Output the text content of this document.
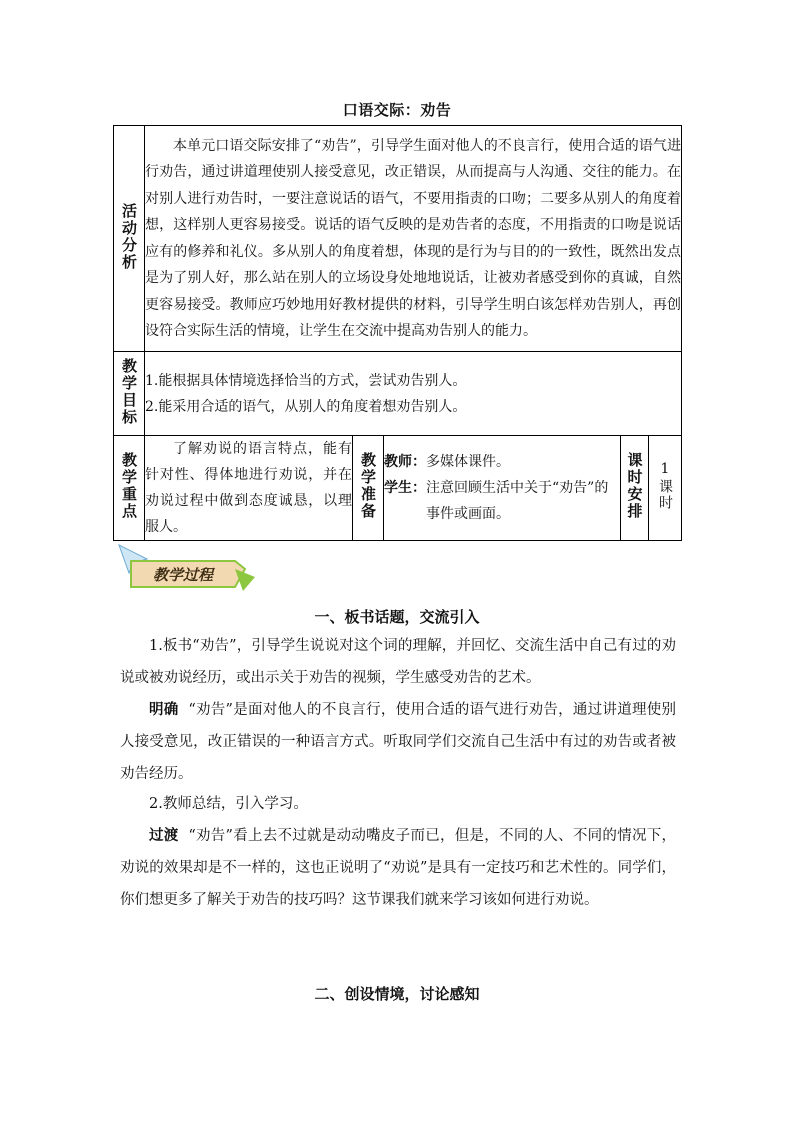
口语交际：劝告
活动分析	本单元口语交际安排了“劝告”，引导学生面对他人的不良言行，使用合适的语气进行劝告，通过讲道理使别人接受意见，改正错误，从而提高与人沟通、交往的能力。在对别人进行劝告时，一要注意说话的语气，不要用指责的口吻；二要多从别人的角度着想，这样别人更容易接受。说话的语气反映的是劝告者的态度，不用指责的口吻是说话应有的修养和礼仪。多从别人的角度着想，体现的是行为与目的的一致性，既然出发点是为了别人好，那么站在别人的立场设身处地地说话，让被劝者感受到你的真诚，自然更容易接受。教师应巧妙地用好教材提供的材料，引导学生明白该怎样劝告别人，再创设符合实际生活的情境，让学生在交流中提高劝告别人的能力。				
教学目标	1.能根据具体情境选择恰当的方式，尝试劝告别人。
2.能采用合适的语气，从别人的角度着想劝告别人。				

教学重点	了解劝说的语言特点，能有针对性、得体地进行劝说，并在劝说过程中做到态度诚恳，以理服人。	教学准备	教师： 多媒体课件。
学生： 注意回顾生活中关于“劝告”的事件或画面。	课时安排	1课时
教学过程
一、板书话题，交流引入
1.板书“劝告”，引导学生说说对这个词的理解，并回忆、交流生活中自己有过的劝说或被劝说经历，或出示关于劝告的视频，学生感受劝告的艺术。
明确 “劝告”是面对他人的不良言行，使用合适的语气进行劝告，通过讲道理使别人接受意见，改正错误的一种语言方式。听取同学们交流自己生活中有过的劝告或者被劝告经历。
2.教师总结，引入学习。
过渡 “劝告”看上去不过就是动动嘴皮子而已，但是，不同的人、不同的情况下，劝说的效果却是不一样的，这也正说明了“劝说”是具有一定技巧和艺术性的。同学们，你们想更多了解关于劝告的技巧吗？这节课我们就来学习该如何进行劝说。
二、创设情境，讨论感知
